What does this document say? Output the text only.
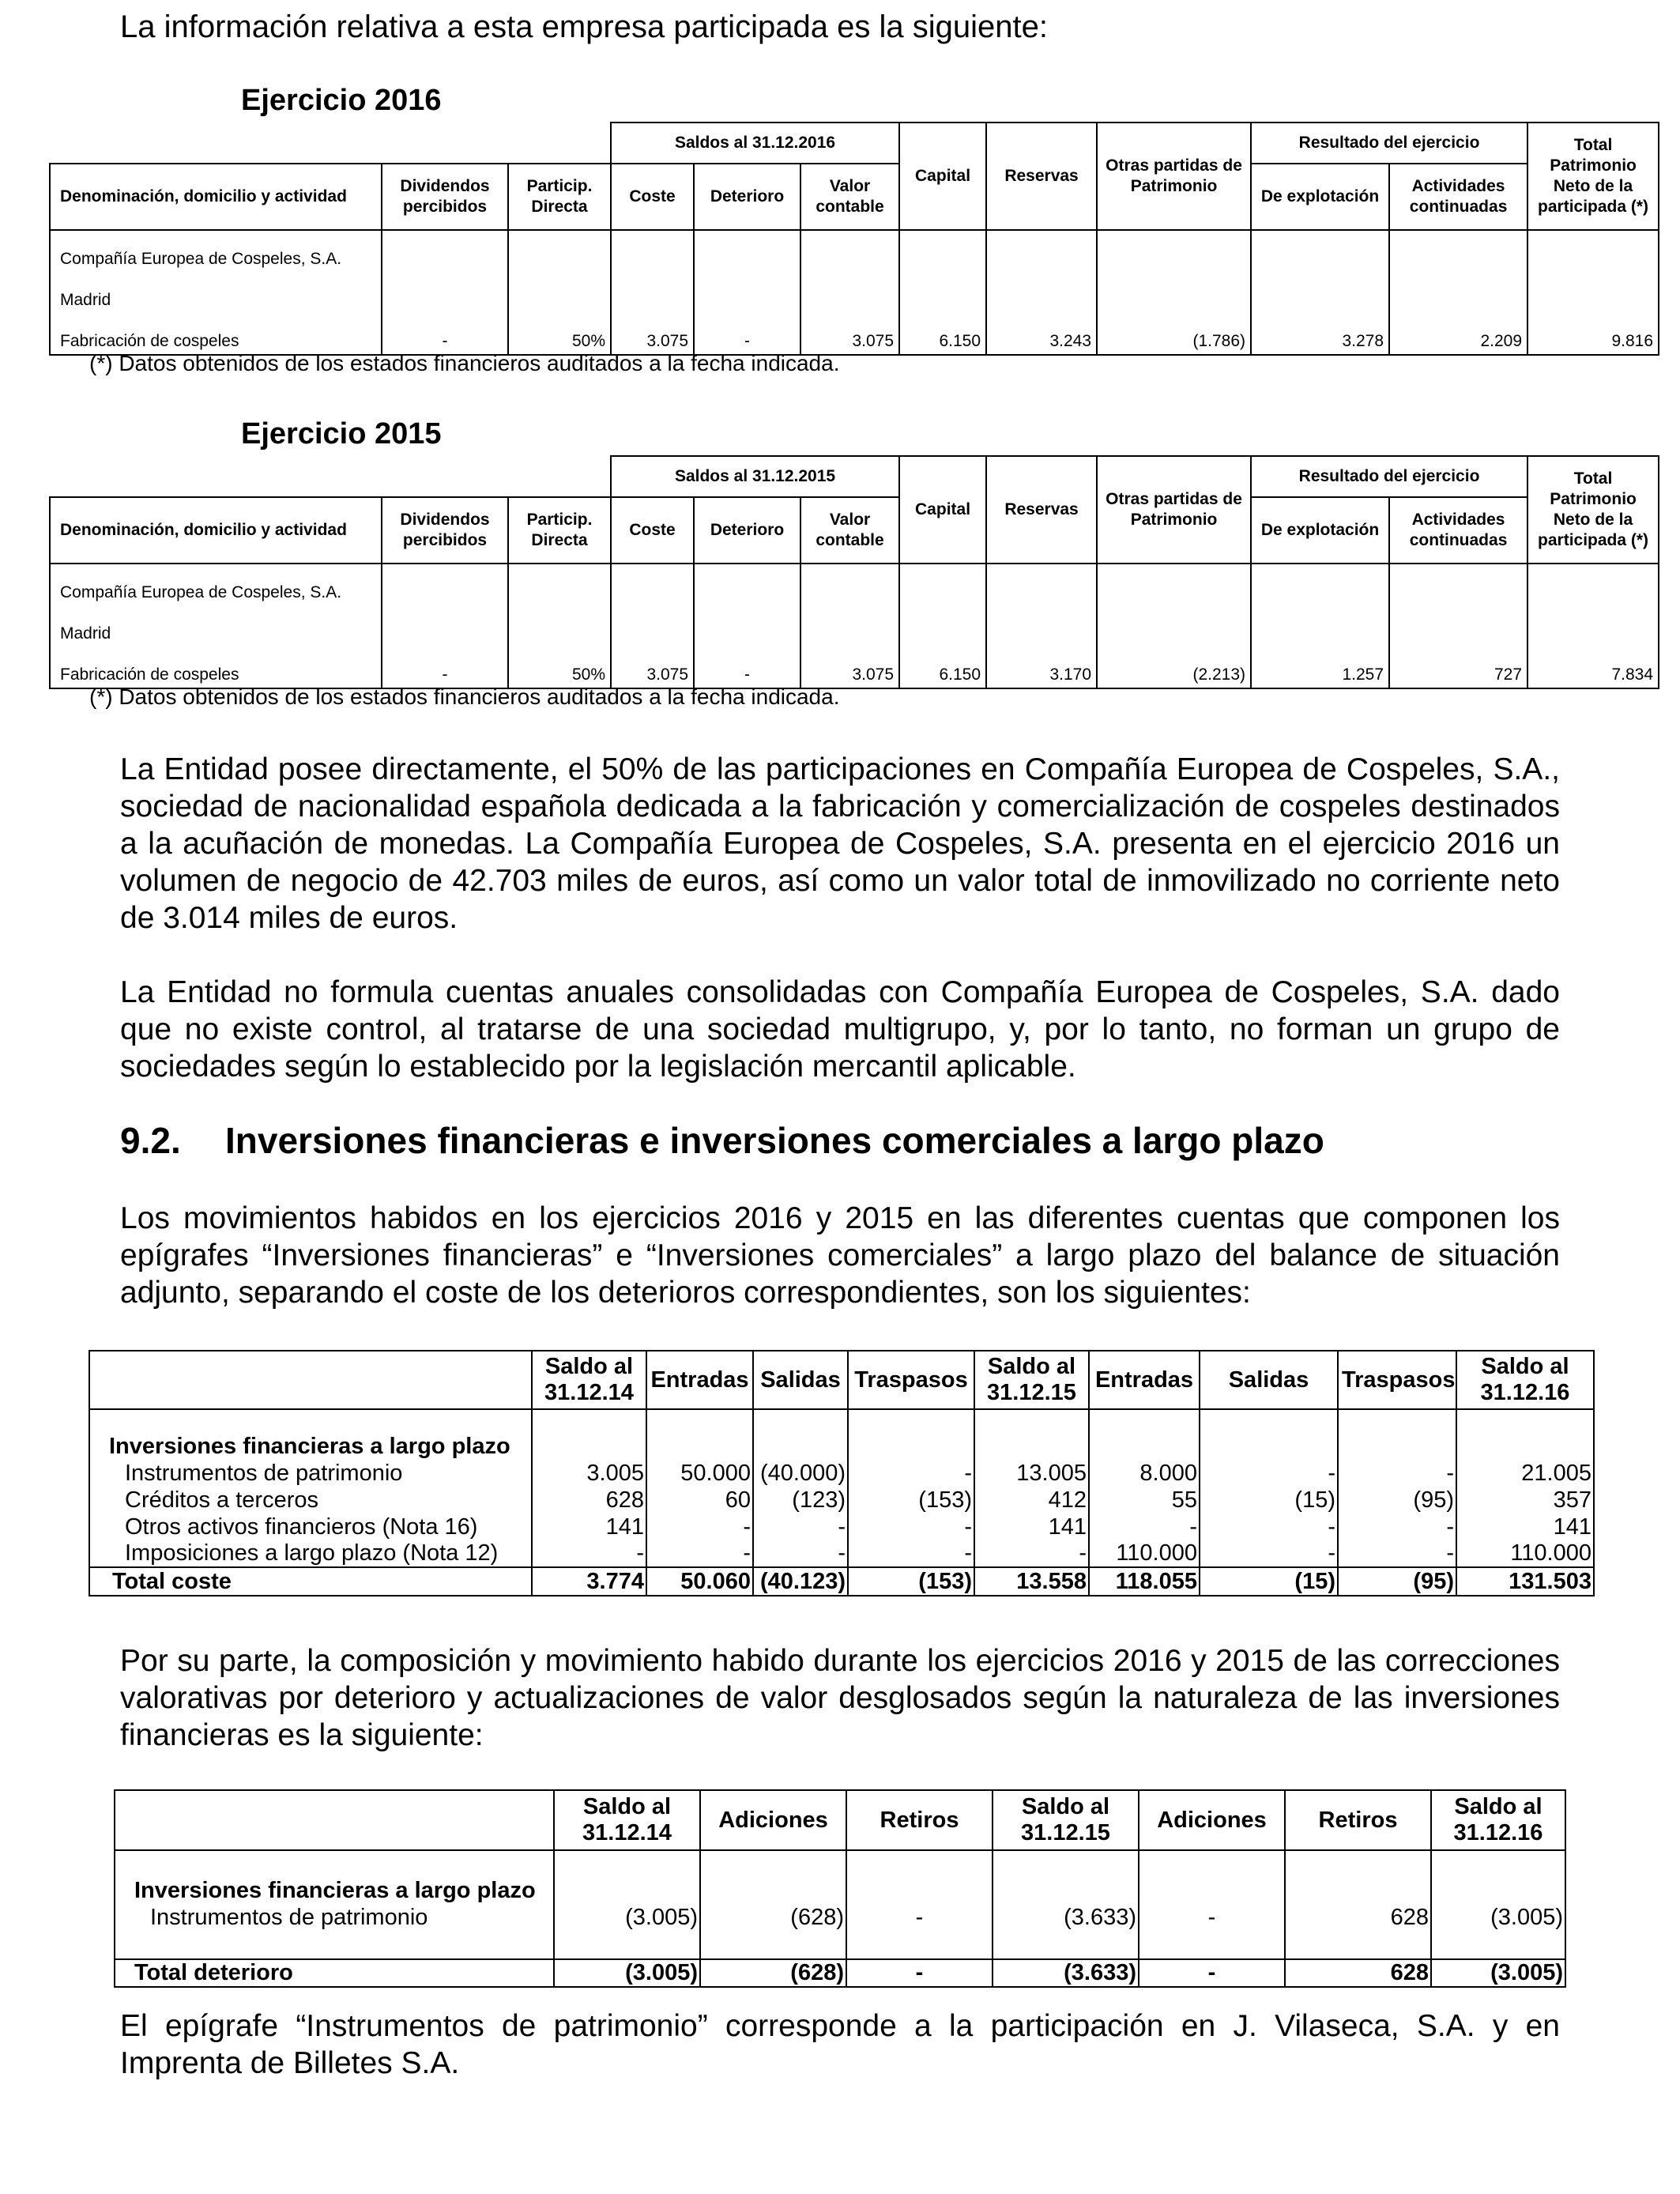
La información relativa a esta empresa participada es la siguiente:
Ejercicio 2016
			Saldos al 31.12.2016			Capital	Reservas	Otras partidas de Patrimonio	Resultado del ejercicio		Total Patrimonio Neto de la participada (*)
Denominación, domicilio y actividad	Dividendos percibidos	Particip. Directa	Coste	Deterioro	Valor contable				De explotación	Actividades continuadas	
Compañía Europea de Cospeles, S.A.											
Madrid											
Fabricación de cospeles	-	50%	3.075	-	3.075	6.150	3.243	(1.786)	3.278	2.209	9.816
(*) Datos obtenidos de los estados financieros auditados a la fecha indicada.
Ejercicio 2015
			Saldos al 31.12.2015			Capital	Reservas	Otras partidas de Patrimonio	Resultado del ejercicio		Total Patrimonio Neto de la participada (*)
Denominación, domicilio y actividad	Dividendos percibidos	Particip. Directa	Coste	Deterioro	Valor contable				De explotación	Actividades continuadas	
Compañía Europea de Cospeles, S.A.											
Madrid											
Fabricación de cospeles	-	50%	3.075	-	3.075	6.150	3.170	(2.213)	1.257	727	7.834
(*) Datos obtenidos de los estados financieros auditados a la fecha indicada.
La Entidad posee directamente, el 50% de las participaciones en Compañía Europea de Cospeles, S.A., sociedad de nacionalidad española dedicada a la fabricación y comercialización de cospeles destinados a la acuñación de monedas. La Compañía Europea de Cospeles, S.A. presenta en el ejercicio 2016 un volumen de negocio de 42.703 miles de euros, así como un valor total de inmovilizado no corriente neto de 3.014 miles de euros.
La Entidad no formula cuentas anuales consolidadas con Compañía Europea de Cospeles, S.A. dado que no existe control, al tratarse de una sociedad multigrupo, y, por lo tanto, no forman un grupo de sociedades según lo establecido por la legislación mercantil aplicable.
9.2. Inversiones financieras e inversiones comerciales a largo plazo
Los movimientos habidos en los ejercicios 2016 y 2015 en las diferentes cuentas que componen los epígrafes “Inversiones financieras” e “Inversiones comerciales” a largo plazo del balance de situación adjunto, separando el coste de los deterioros correspondientes, son los siguientes:
	Saldo al 31.12.14	Entradas	Salidas	Traspasos	Saldo al 31.12.15	Entradas	Salidas	Traspasos	Saldo al 31.12.16

Inversiones financieras a largo plazo									
Instrumentos de patrimonio	3.005	50.000	(40.000)	-	13.005	8.000	-	-	21.005
Créditos a terceros	628	60	(123)	(153)	412	55	(15)	(95)	357
Otros activos financieros (Nota 16)	141	-	-	-	141	-	-	-	141
Imposiciones a largo plazo (Nota 12)	-	-	-	-	-	110.000	-	-	110.000
Total coste	3.774	50.060	(40.123)	(153)	13.558	118.055	(15)	(95)	131.503
Por su parte, la composición y movimiento habido durante los ejercicios 2016 y 2015 de las correcciones valorativas por deterioro y actualizaciones de valor desglosados según la naturaleza de las inversiones financieras es la siguiente:
	Saldo al 31.12.14	Adiciones	Retiros	Saldo al 31.12.15	Adiciones	Retiros	Saldo al 31.12.16

Inversiones financieras a largo plazo							
Instrumentos de patrimonio	(3.005)	(628)	-	(3.633)	-	628	(3.005)

Total deterioro	(3.005)	(628)	-	(3.633)	-	628	(3.005)
El epígrafe “Instrumentos de patrimonio” corresponde a la participación en J. Vilaseca, S.A. y en Imprenta de Billetes S.A.
